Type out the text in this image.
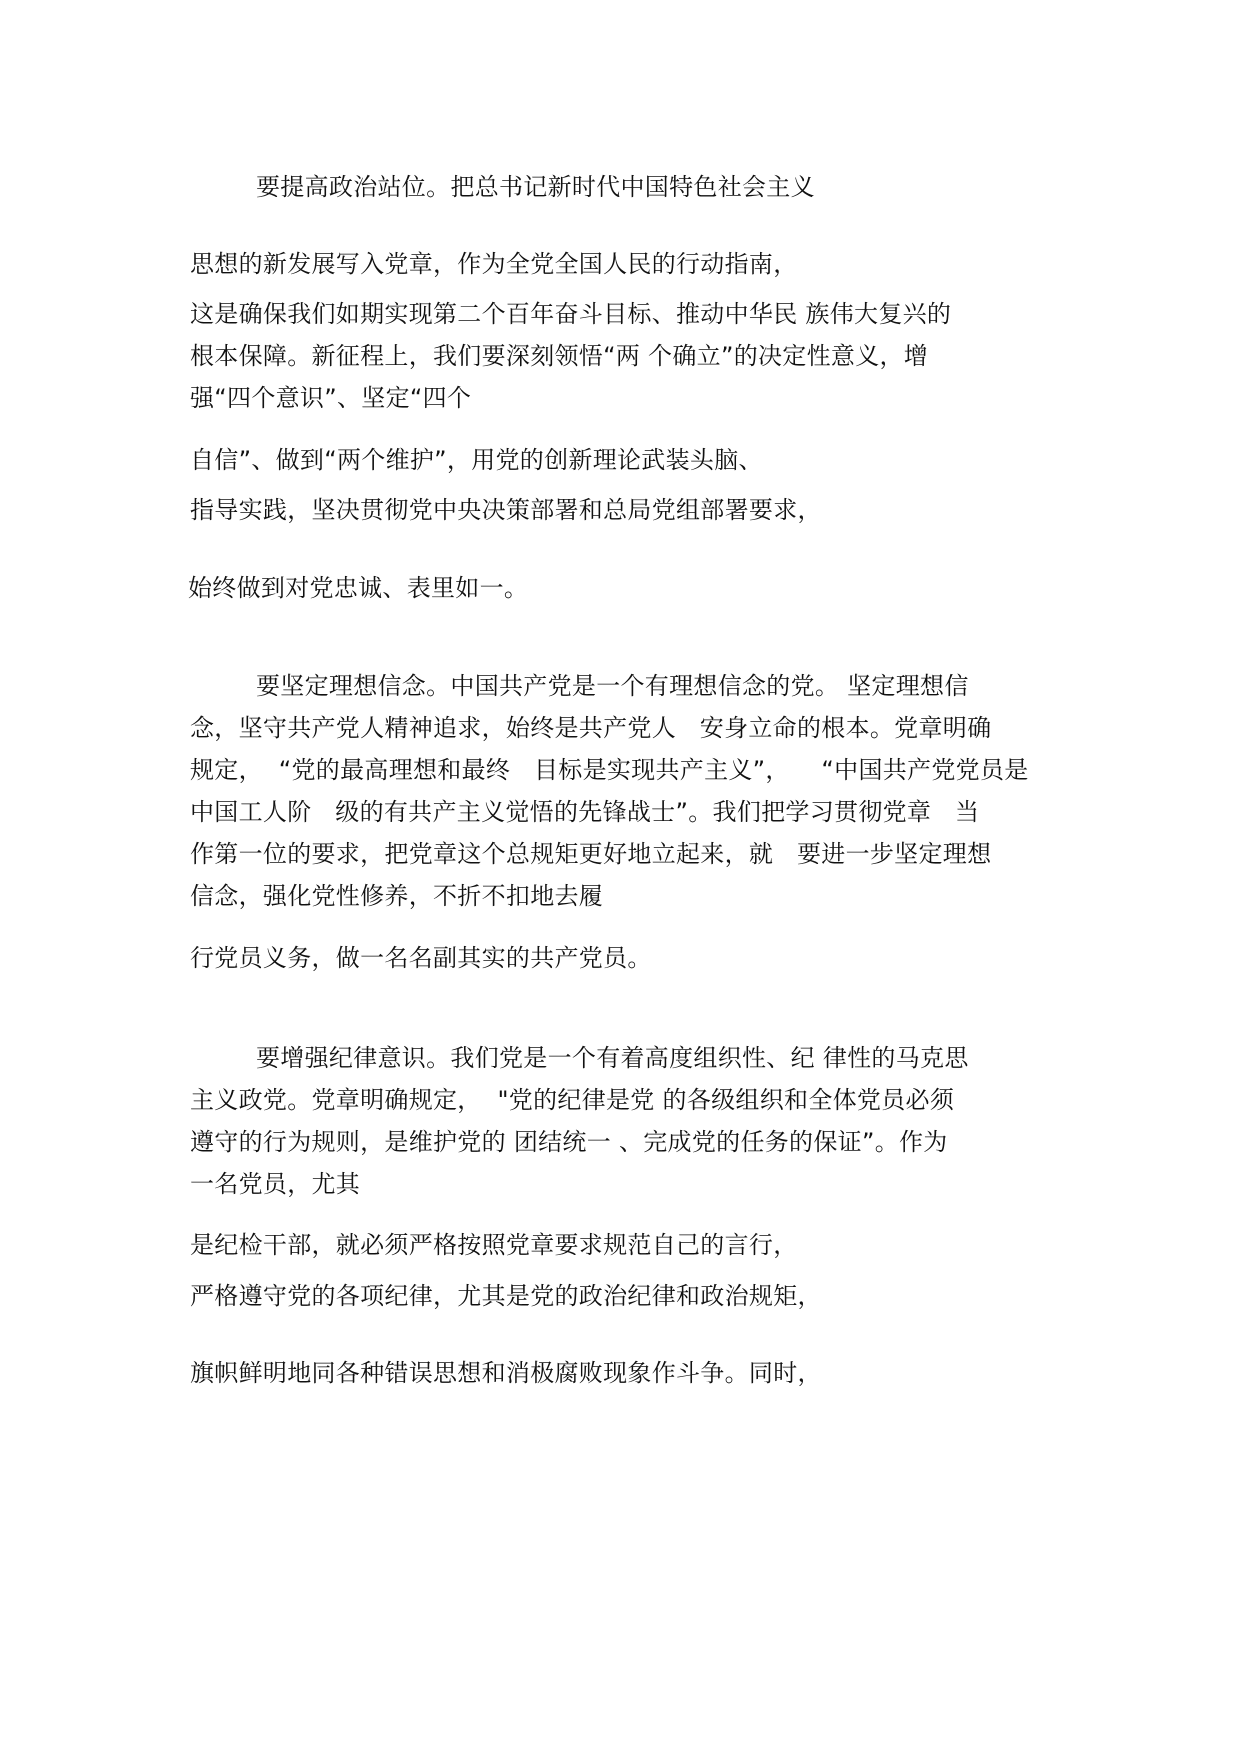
要提高政治站位。把总书记新时代中国特色社会主义
思想的新发展写入党章，作为全党全国人民的行动指南，
这是确保我们如期实现第二个百年奋斗目标、推动中华民 族伟大复兴的
根本保障。新征程上，我们要深刻领悟“两 个确立”的决定性意义，增
强“四个意识”、坚定“四个
自信”、做到“两个维护”，用党的创新理论武装头脑、
指导实践，坚决贯彻党中央决策部署和总局党组部署要求，
始终做到对党忠诚、表里如一。
要坚定理想信念。中国共产党是一个有理想信念的党。 坚定理想信
念，坚守共产党人精神追求，始终是共产党人   安身立命的根本。党章明确
规定，  “党的最高理想和最终   目标是实现共产主义”，    “中国共产党党员是
中国工人阶   级的有共产主义觉悟的先锋战士”。我们把学习贯彻党章   当
作第一位的要求，把党章这个总规矩更好地立起来，就   要进一步坚定理想
信念，强化党性修养，不折不扣地去履
行党员义务，做一名名副其实的共产党员。
要增强纪律意识。我们党是一个有着高度组织性、纪 律性的马克思
主义政党。党章明确规定，  "党的纪律是党 的各级组织和全体党员必须
遵守的行为规则，是维护党的 团结统一 、完成党的任务的保证”。作为
一名党员，尤其
是纪检干部，就必须严格按照党章要求规范自己的言行，
严格遵守党的各项纪律，尤其是党的政治纪律和政治规矩，
旗帜鲜明地同各种错误思想和消极腐败现象作斗争。同时，
